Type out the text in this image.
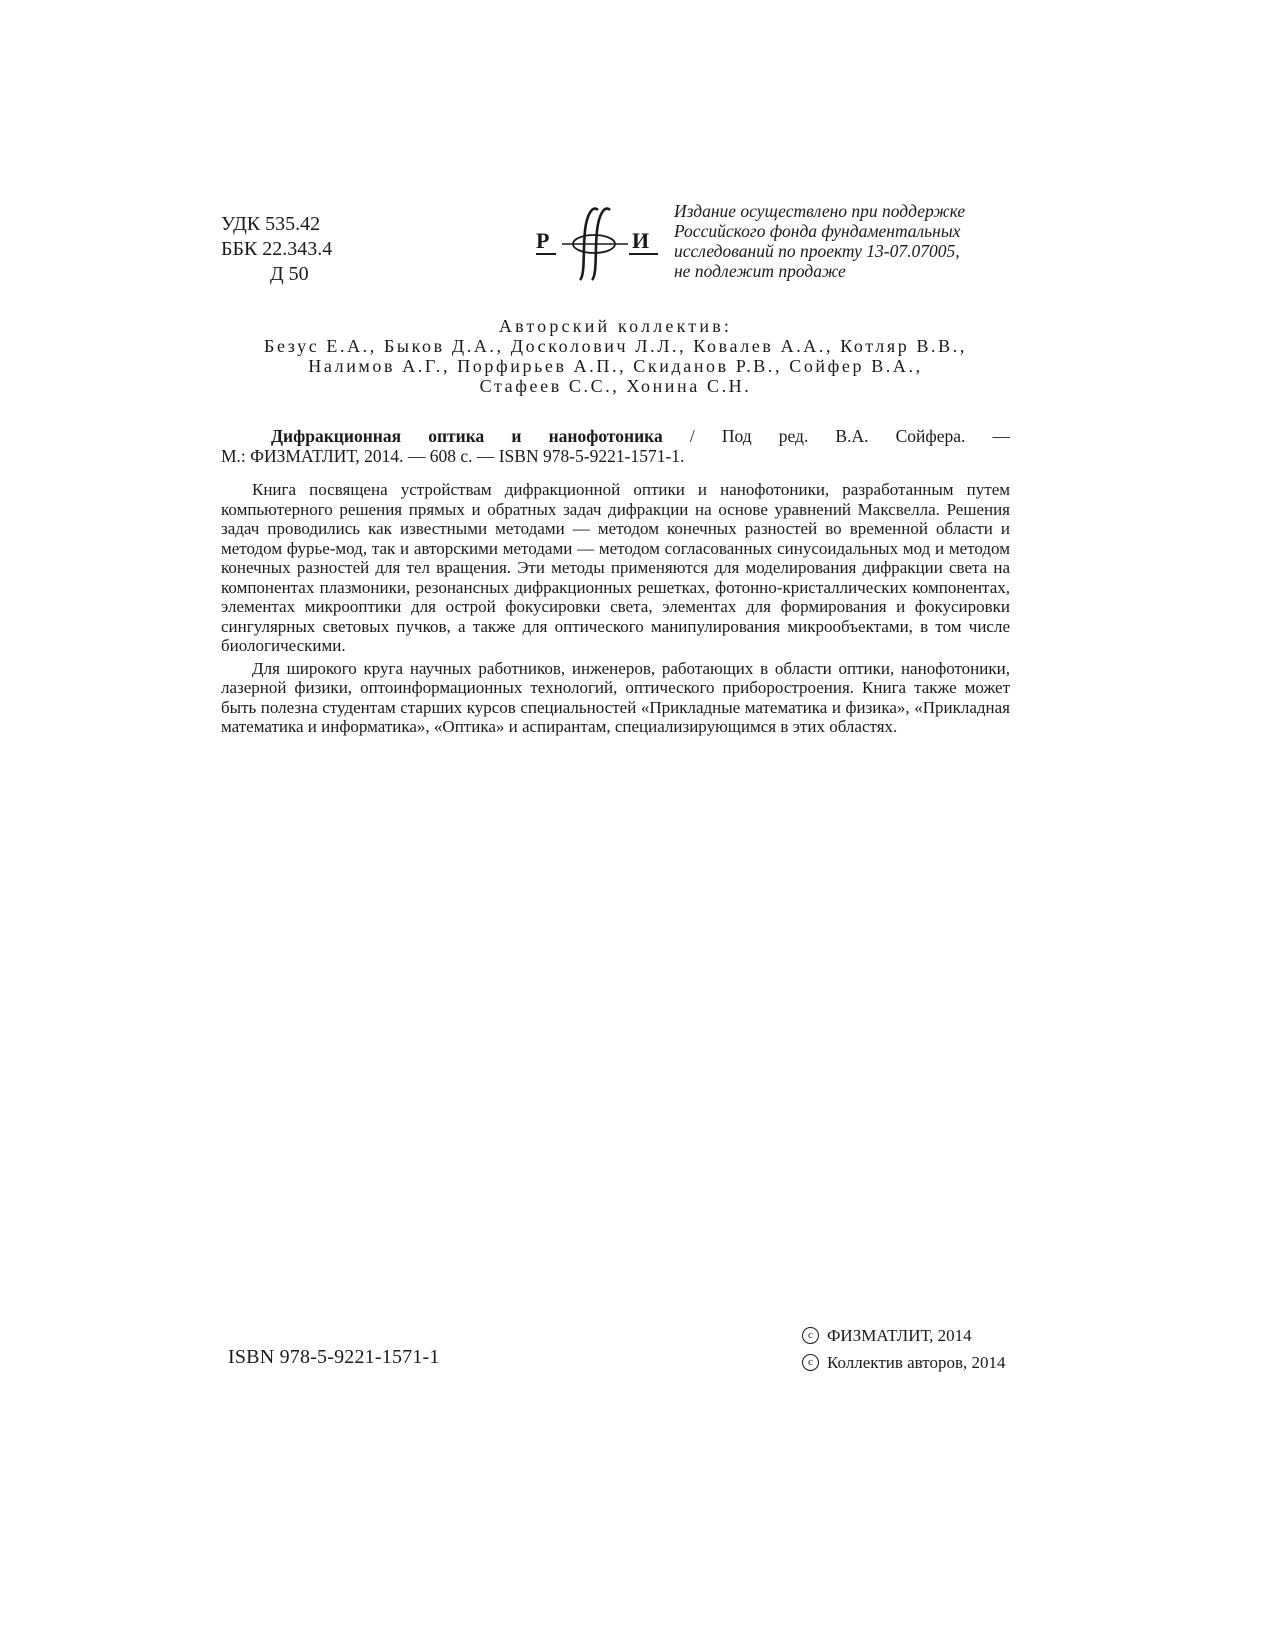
УДК 535.42
ББК 22.343.4
Д 50
Р	И
Издание осуществлено при поддержке
Российского фонда фундаментальных
исследований по проекту 13-07.07005,
не подлежит продаже
Авторский коллектив:
Безус Е.А., Быков Д.А., Досколович Л.Л., Ковалев А.А., Котляр В.В.,
Налимов А.Г., Порфирьев А.П., Скиданов Р.В., Сойфер В.А.,
Стафеев С.С., Хонина С.Н.
Дифракционная оптика и нанофотоника / Под ред. В.А. Сойфера. —
М.: ФИЗМАТЛИТ, 2014. — 608 с. — ISBN 978-5-9221-1571-1.

Книга посвящена устройствам дифракционной оптики и нанофотоники, разработанным путем компьютерного решения прямых и обратных задач дифракции на основе уравнений Максвелла. Решения задач проводились как известными методами — методом конечных разностей во временной области и методом фурье-мод, так и авторскими методами — методом согласованных синусоидальных мод и методом конечных разностей для тел вращения. Эти методы применяются для моделирования дифракции света на компонентах плазмоники, резонансных дифракционных решетках, фотонно-кристаллических компонентах, элементах микрооптики для острой фокусировки света, элементах для формирования и фокусировки сингулярных световых пучков, а также для оптического манипулирования микрообъектами, в том числе биологическими.

Для широкого круга научных работников, инженеров, работающих в области оптики, нанофотоники, лазерной физики, оптоинформационных технологий, оптического приборостроения. Книга также может быть полезна студентам старших курсов специальностей «Прикладные математика и физика», «Прикладная математика и информатика», «Оптика» и аспирантам, специализирующимся в этих областях.

ISBN 978-5-9221-1571-1
c ФИЗМАТЛИТ, 2014
c Коллектив авторов, 2014
